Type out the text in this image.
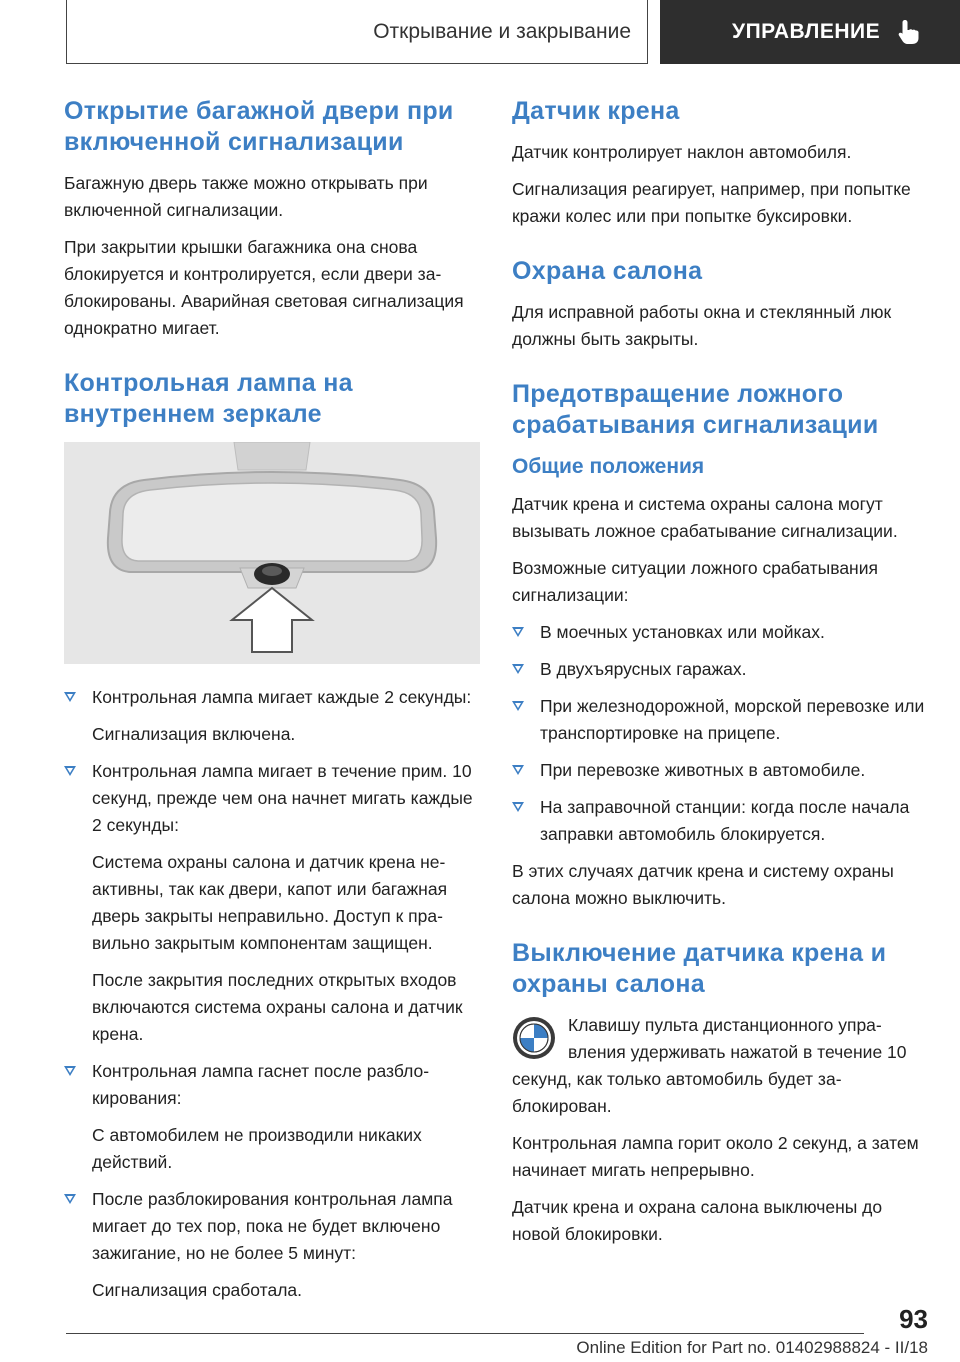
Открывание и закрывание	УПРАВЛЕНИЕ
Открытие багажной двери при включенной сигнализации

Багажную дверь также можно открывать при включенной сигнализации.

При закрытии крышки багажника она снова блокируется и контролируется, если двери заблокированы. Аварийная световая сигнализация однократно мигает.

Контрольная лампа на внутреннем зеркале
Контрольная лампа мигает каждые 2 секунды:

Сигнализация включена.

Контрольная лампа мигает в течение прим. 10 секунд, прежде чем она начнет мигать каждые 2 секунды:

Система охраны салона и датчик крена неактивны, так как двери, капот или багажная дверь закрыты неправильно. Доступ к правильно закрытым компонентам защищен.

После закрытия последних открытых входов включаются система охраны салона и датчик крена.

Контрольная лампа гаснет после разблокирования:

С автомобилем не производили никаких действий.

После разблокирования контрольная лампа мигает до тех пор, пока не будет включено зажигание, но не более 5 минут:

Сигнализация сработала.

Датчик крена

Датчик контролирует наклон автомобиля.

Сигнализация реагирует, например, при попытке кражи колес или при попытке буксировки.

Охрана салона

Для исправной работы окна и стеклянный люк должны быть закрыты.

Предотвращение ложного срабатывания сигнализации
Общие положения

Датчик крена и система охраны салона могут вызывать ложное срабатывание сигнализации.

Возможные ситуации ложного срабатывания сигнализации:

В моечных установках или мойках.
В двухъярусных гаражах.
При железнодорожной, морской перевозке или транспортировке на прицепе.
При перевозке животных в автомобиле.
На заправочной станции: когда после начала заправки автомобиль блокируется.

В этих случаях датчик крена и систему охраны салона можно выключить.

Выключение датчика крена и охраны салона

Клавишу пульта дистанционного управления удерживать нажатой в течение 10 секунд, как только автомобиль будет заблокирован.

Контрольная лампа горит около 2 секунд, а затем начинает мигать непрерывно.

Датчик крена и охрана салона выключены до новой блокировки.

93
Online Edition for Part no. 01402988824 - II/18
